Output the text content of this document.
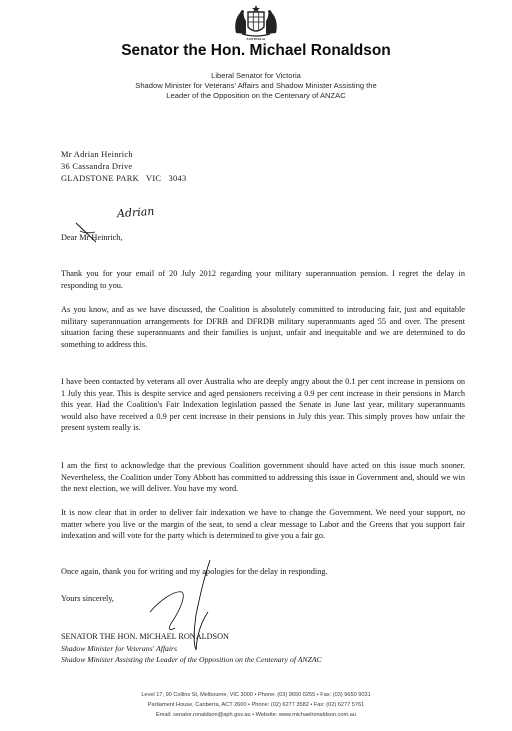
AUSTRALIA
Senator the Hon. Michael Ronaldson
Liberal Senator for Victoria
Shadow Minister for Veterans' Affairs and Shadow Minister Assisting the
Leader of the Opposition on the Centenary of ANZAC
Mr Adrian Heinrich
36 Cassandra Drive
GLADSTONE PARK   VIC   3043
Dear Mr Heinrich,
Thank you for your email of 20 July 2012 regarding your military superannuation pension. I regret the delay in responding to you.
As you know, and as we have discussed, the Coalition is absolutely committed to introducing fair, just and equitable military superannuation arrangements for DFRB and DFRDB military superannuants aged 55 and over. The present situation facing these superannuants and their families is unjust, unfair and inequitable and we are determined to do something to address this.
I have been contacted by veterans all over Australia who are deeply angry about the 0.1 per cent increase in pensions on 1 July this year. This is despite service and aged pensioners receiving a 0.9 per cent increase in their pensions in March this year. Had the Coalition's Fair Indexation legislation passed the Senate in June last year, military superannuants would also have received a 0.9 per cent increase in their pensions in July this year. This simply proves how unfair the present system really is.
I am the first to acknowledge that the previous Coalition government should have acted on this issue much sooner. Nevertheless, the Coalition under Tony Abbott has committed to addressing this issue in Government and, should we win the next election, we will deliver. You have my word.
It is now clear that in order to deliver fair indexation we have to change the Government. We need your support, no matter where you live or the margin of the seat, to send a clear message to Labor and the Greens that you support fair indexation and will vote for the party which is determined to give you a fair go.
Once again, thank you for writing and my apologies for the delay in responding.
Yours sincerely,
SENATOR THE HON. MICHAEL RONALDSON
Shadow Minister for Veterans' Affairs
Shadow Minister Assisting the Leader of the Opposition on the Centenary of ANZAC
Level 17, 90 Collins St, Melbourne, VIC 3000 • Phone: (03) 9650 0255 • Fax: (03) 9650 9031
Parliament House, Canberra, ACT 2600 • Phone: (02) 6277 3582 • Fax: (02) 6277 5761
Email: senator.ronaldson@aph.gov.au • Website: www.michaelronaldson.com.au
Adrian
